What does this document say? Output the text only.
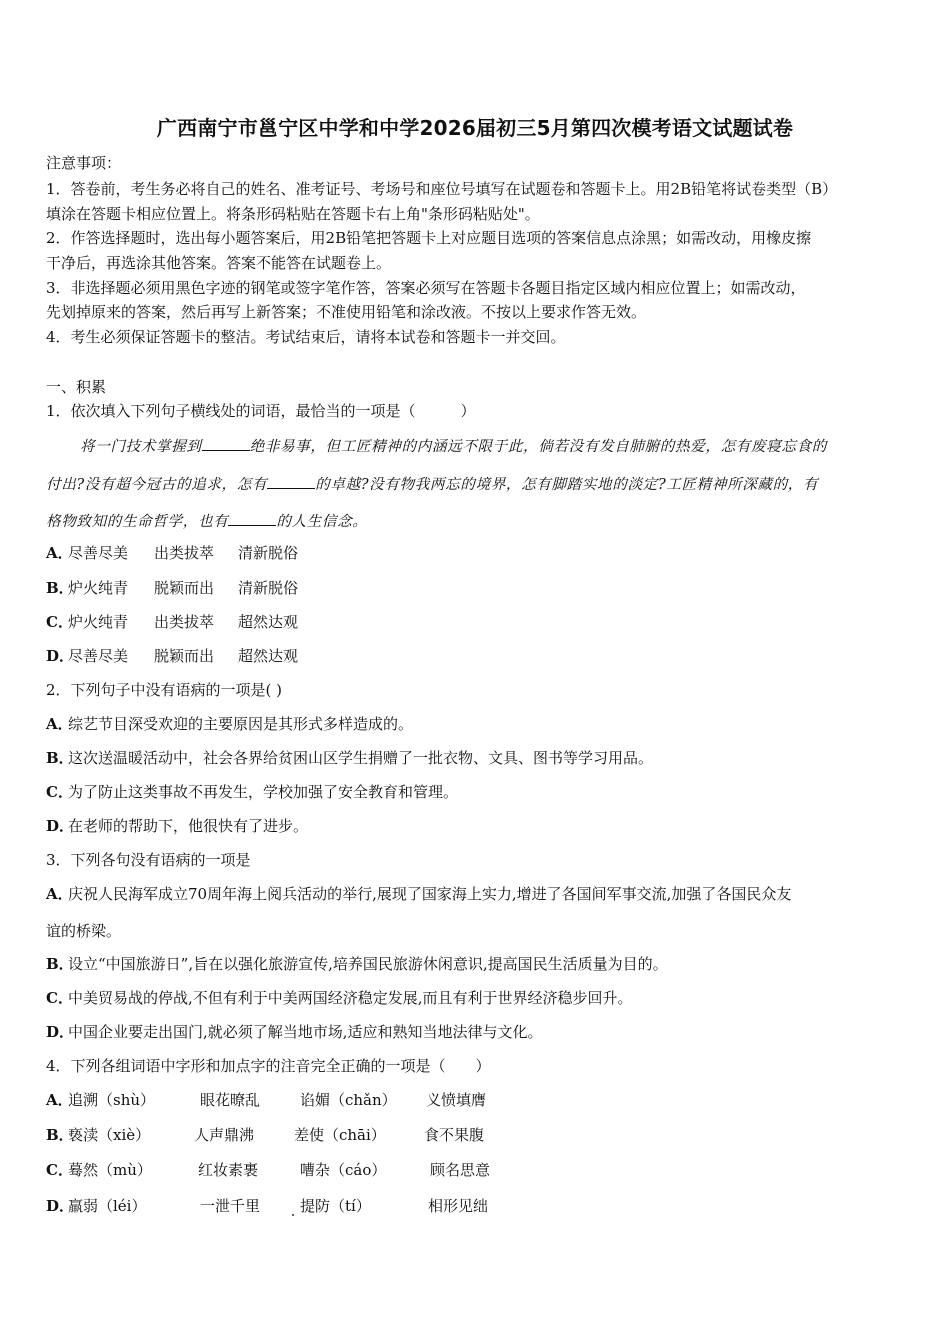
广西南宁市邕宁区中学和中学2026届初三5月第四次模考语文试题试卷
注意事项：
1．答卷前，考生务必将自己的姓名、准考证号、考场号和座位号填写在试题卷和答题卡上。用2B铅笔将试卷类型（B）
填涂在答题卡相应位置上。将条形码粘贴在答题卡右上角"条形码粘贴处"。
2．作答选择题时，选出每小题答案后，用2B铅笔把答题卡上对应题目选项的答案信息点涂黑；如需改动，用橡皮擦
干净后，再选涂其他答案。答案不能答在试题卷上。
3．非选择题必须用黑色字迹的钢笔或签字笔作答，答案必须写在答题卡各题目指定区域内相应位置上；如需改动，
先划掉原来的答案，然后再写上新答案；不准使用铅笔和涂改液。不按以上要求作答无效。
4．考生必须保证答题卡的整洁。考试结束后，请将本试卷和答题卡一并交回。
一、积累
1．依次填入下列句子横线处的词语，最恰当的一项是（　　　）
将一门技术掌握到	绝非易事，但工匠精神的内涵远不限于此，倘若没有发自肺腑的热爱，怎有废寝忘食的
付出?没有超今冠古的追求，怎有	的卓越?没有物我两忘的境界，怎有脚踏实地的淡定?工匠精神所深藏的，有
格物致知的生命哲学，也有	的人生信念。
A．尽善尽美 出类拔萃 清新脱俗
B．炉火纯青 脱颖而出 清新脱俗
C．炉火纯青 出类拔萃 超然达观
D．尽善尽美 脱颖而出 超然达观
2．下列句子中没有语病的一项是( )
A．综艺节目深受欢迎的主要原因是其形式多样造成的。
B．这次送温暖活动中，社会各界给贫困山区学生捐赠了一批衣物、文具、图书等学习用品。
C．为了防止这类事故不再发生，学校加强了安全教育和管理。
D．在老师的帮助下，他很快有了进步。
3．下列各句没有语病的一项是
A．庆祝人民海军成立70周年海上阅兵活动的举行,展现了国家海上实力,增进了各国间军事交流,加强了各国民众友
谊的桥梁。
B．设立“中国旅游日”,旨在以强化旅游宣传,培养国民旅游休闲意识,提高国民生活质量为目的。
C．中美贸易战的停战,不但有利于中美两国经济稳定发展,而且有利于世界经济稳步回升。
D．中国企业要走出国门,就必须了解当地市场,适应和熟知当地法律与文化。
4．下列各组词语中字形和加点字的注音完全正确的一项是（　　）
A．追溯（shù）	眼花暸乱	谄媚（chǎn） 义愤填膺
B．亵渎（xiè）	人声鼎沸	差使（chāi）	食不果腹
C．蓦然（mù）	红妆素裹	嘈杂（cáo）	顾名思意
D．羸弱（léi）	一泄千里	提防（tí）	相形见绌
